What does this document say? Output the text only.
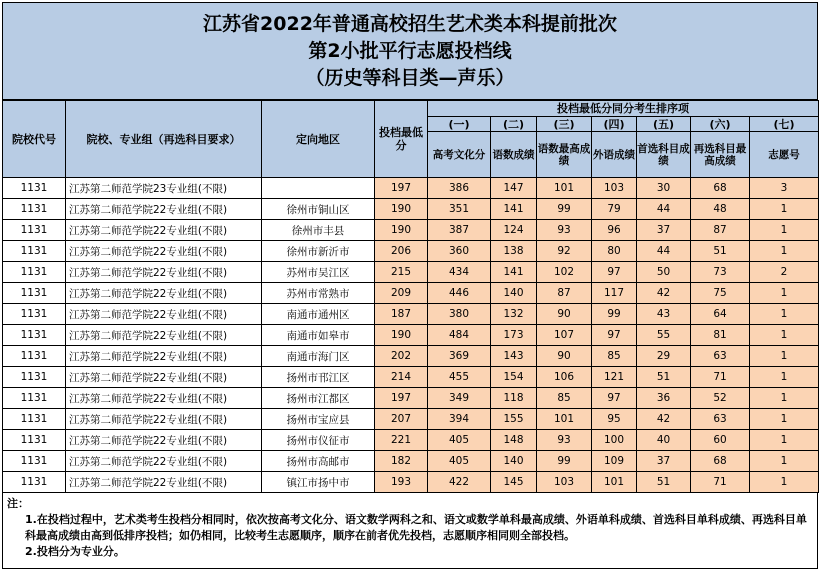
江苏省2022年普通高校招生艺术类本科提前批次
第2小批平行志愿投档线
（历史等科目类—声乐）
院校代号	院校、专业组（再选科目要求）	定向地区	投档最低分	投档最低分同分考生排序项						
				(一)	(二)	(三)	(四)	(五)	(六)	(七)
				高考文化分	语数成绩	语数最高成绩	外语成绩	首选科目成绩	再选科目最高成绩	志愿号
1131	江苏第二师范学院23专业组(不限)		197	386	147	101	103	30	68	3
1131	江苏第二师范学院22专业组(不限)	徐州市铜山区	190	351	141	99	79	44	48	1
1131	江苏第二师范学院22专业组(不限)	徐州市丰县	190	387	124	93	96	37	87	1
1131	江苏第二师范学院22专业组(不限)	徐州市新沂市	206	360	138	92	80	44	51	1
1131	江苏第二师范学院22专业组(不限)	苏州市吴江区	215	434	141	102	97	50	73	2
1131	江苏第二师范学院22专业组(不限)	苏州市常熟市	209	446	140	87	117	42	75	1
1131	江苏第二师范学院22专业组(不限)	南通市通州区	187	380	132	90	99	43	64	1
1131	江苏第二师范学院22专业组(不限)	南通市如皋市	190	484	173	107	97	55	81	1
1131	江苏第二师范学院22专业组(不限)	南通市海门区	202	369	143	90	85	29	63	1
1131	江苏第二师范学院22专业组(不限)	扬州市邗江区	214	455	154	106	121	51	71	1
1131	江苏第二师范学院22专业组(不限)	扬州市江都区	197	349	118	85	97	36	52	1
1131	江苏第二师范学院22专业组(不限)	扬州市宝应县	207	394	155	101	95	42	63	1
1131	江苏第二师范学院22专业组(不限)	扬州市仪征市	221	405	148	93	100	40	60	1
1131	江苏第二师范学院22专业组(不限)	扬州市高邮市	182	405	140	99	109	37	68	1
1131	江苏第二师范学院22专业组(不限)	镇江市扬中市	193	422	145	103	101	51	71	1
注：
1.在投档过程中，艺术类考生投档分相同时，依次按高考文化分、语文数学两科之和、语文或数学单科最高成绩、外语单科成绩、首选科目单科成绩、再选科目单科最高成绩由高到低排序投档；如仍相同，比较考生志愿顺序，顺序在前者优先投档，志愿顺序相同则全部投档。
2.投档分为专业分。
